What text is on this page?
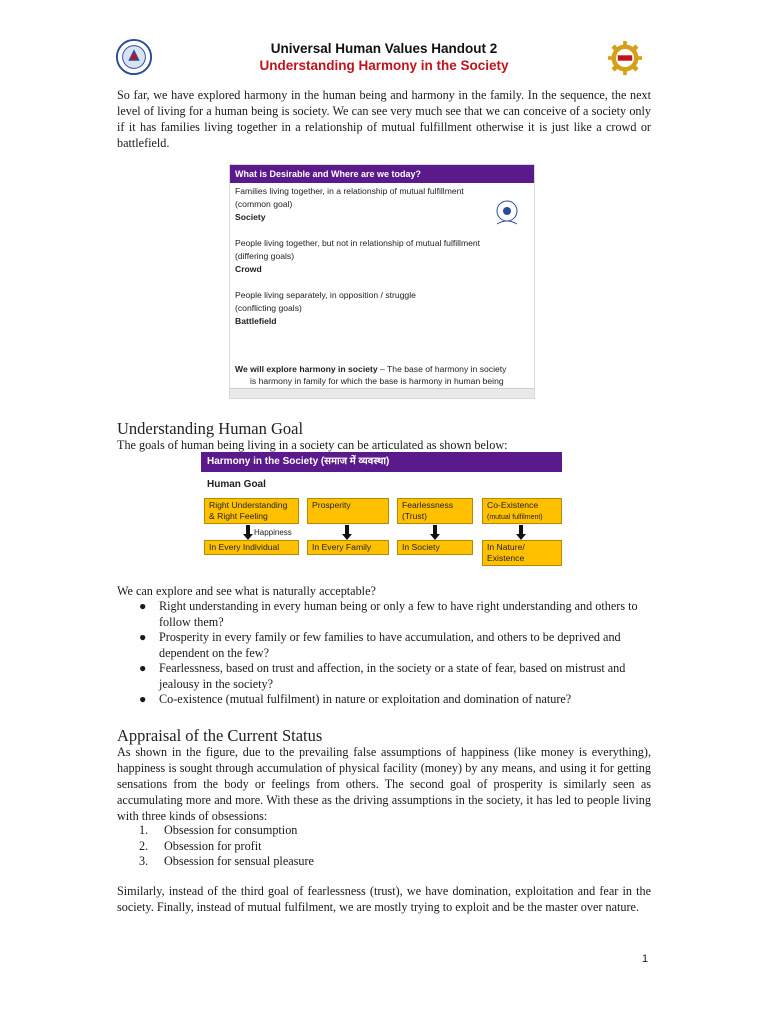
Universal Human Values Handout 2
Understanding Harmony in the Society

So far, we have explored harmony in the human being and harmony in the family. In the sequence, the next level of living for a human being is society. We can see very much see that we can conceive of a society only if it has families living together in a relationship of mutual fulfillment otherwise it is just like a crowd or battlefield.

What is Desirable and Where are we today?
Families living together, in a relationship of mutual fulfillment
(common goal)
Society
People living together, but not in relationship of mutual fulfillment
(differing goals)
Crowd
People living separately, in opposition / struggle
(conflicting goals)
Battlefield
We will explore harmony in society – The base of harmony in society
is harmony in family for which the base is harmony in human being
Understanding Human Goal
The goals of human being living in a society can be articulated as shown below:
Harmony in the Society (समाज में व्यवस्था)
Human Goal
Right Understanding & Right Feeling
Prosperity	Fearlessness (Trust)
Co-Existence
(mutual fulfilment)
Happiness
In Every Individual	In Every Family	In Society	In Nature/ Existence
We can explore and see what is naturally acceptable?
● Right understanding in every human being or only a few to have right understanding and others to follow them?
● Prosperity in every family or few families to have accumulation, and others to be deprived and dependent on the few?
● Fearlessness, based on trust and affection, in the society or a state of fear, based on mistrust and jealousy in the society?
● Co-existence (mutual fulfilment) in nature or exploitation and domination of nature?
Appraisal of the Current Status

As shown in the figure, due to the prevailing false assumptions of happiness (like money is everything), happiness is sought through accumulation of physical facility (money) by any means, and using it for getting sensations from the body or feelings from others. The second goal of prosperity is similarly seen as accumulating more and more. With these as the driving assumptions in the society, it has led to people living with three kinds of obsessions:

1. Obsession for consumption
2. Obsession for profit
3. Obsession for sensual pleasure

Similarly, instead of the third goal of fearlessness (trust), we have domination, exploitation and fear in the society. Finally, instead of mutual fulfilment, we are mostly trying to exploit and be the master over nature.

1
